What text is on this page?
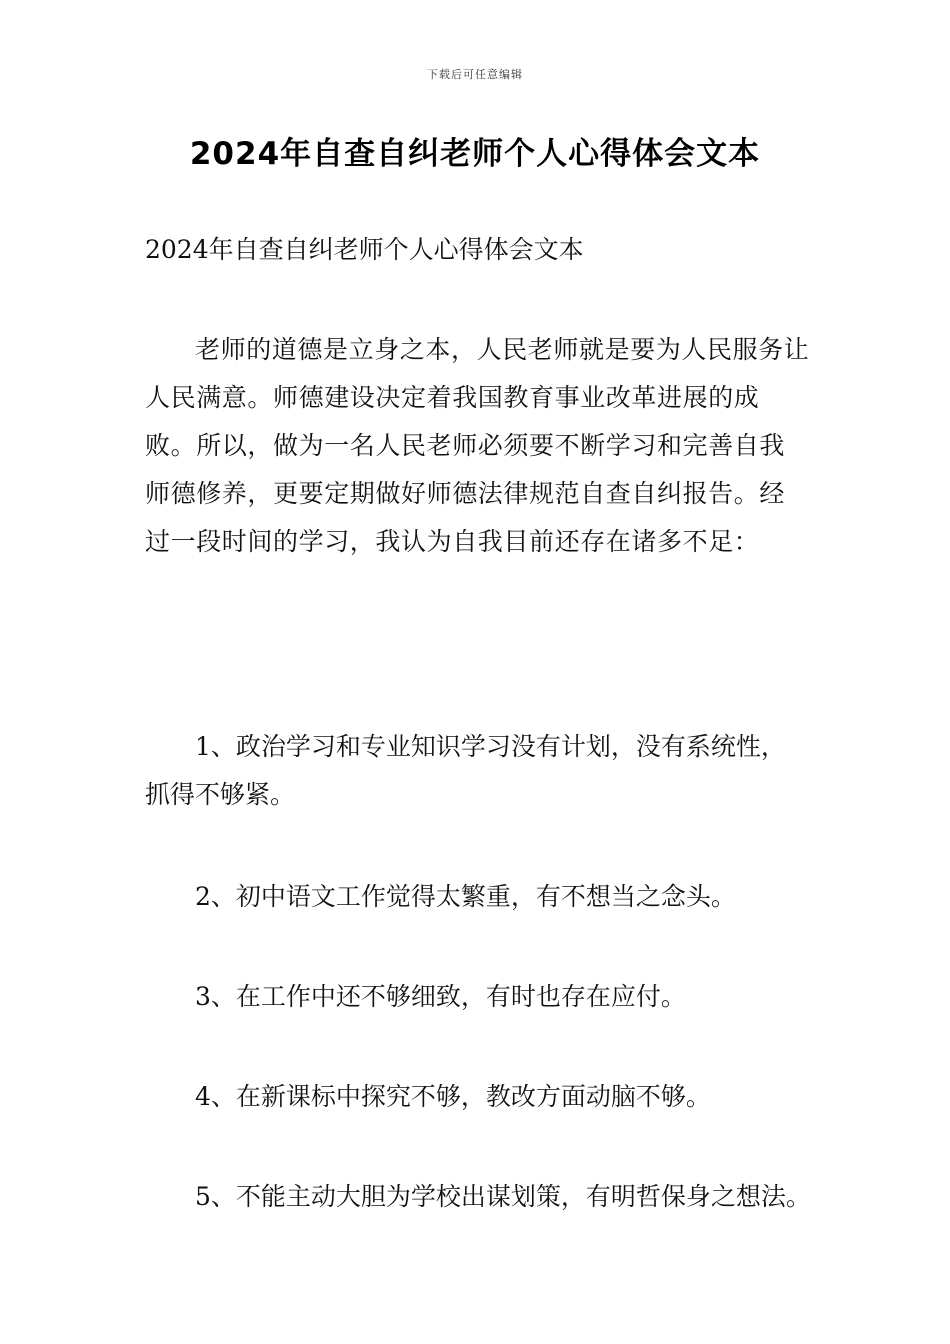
下载后可任意编辑
2024年自查自纠老师个人心得体会文本

2024年自查自纠老师个人心得体会文本

老师的道德是立身之本，人民老师就是要为人民服务让人民满意。师德建设决定着我国教育事业改革进展的成败。所以，做为一名人民老师必须要不断学习和完善自我师德修养，更要定期做好师德法律规范自查自纠报告。经过一段时间的学习，我认为自我目前还存在诸多不足：

1、政治学习和专业知识学习没有计划，没有系统性，抓得不够紧。

2、初中语文工作觉得太繁重，有不想当之念头。

3、在工作中还不够细致，有时也存在应付。

4、在新课标中探究不够，教改方面动脑不够。

5、不能主动大胆为学校出谋划策，有明哲保身之想法。
